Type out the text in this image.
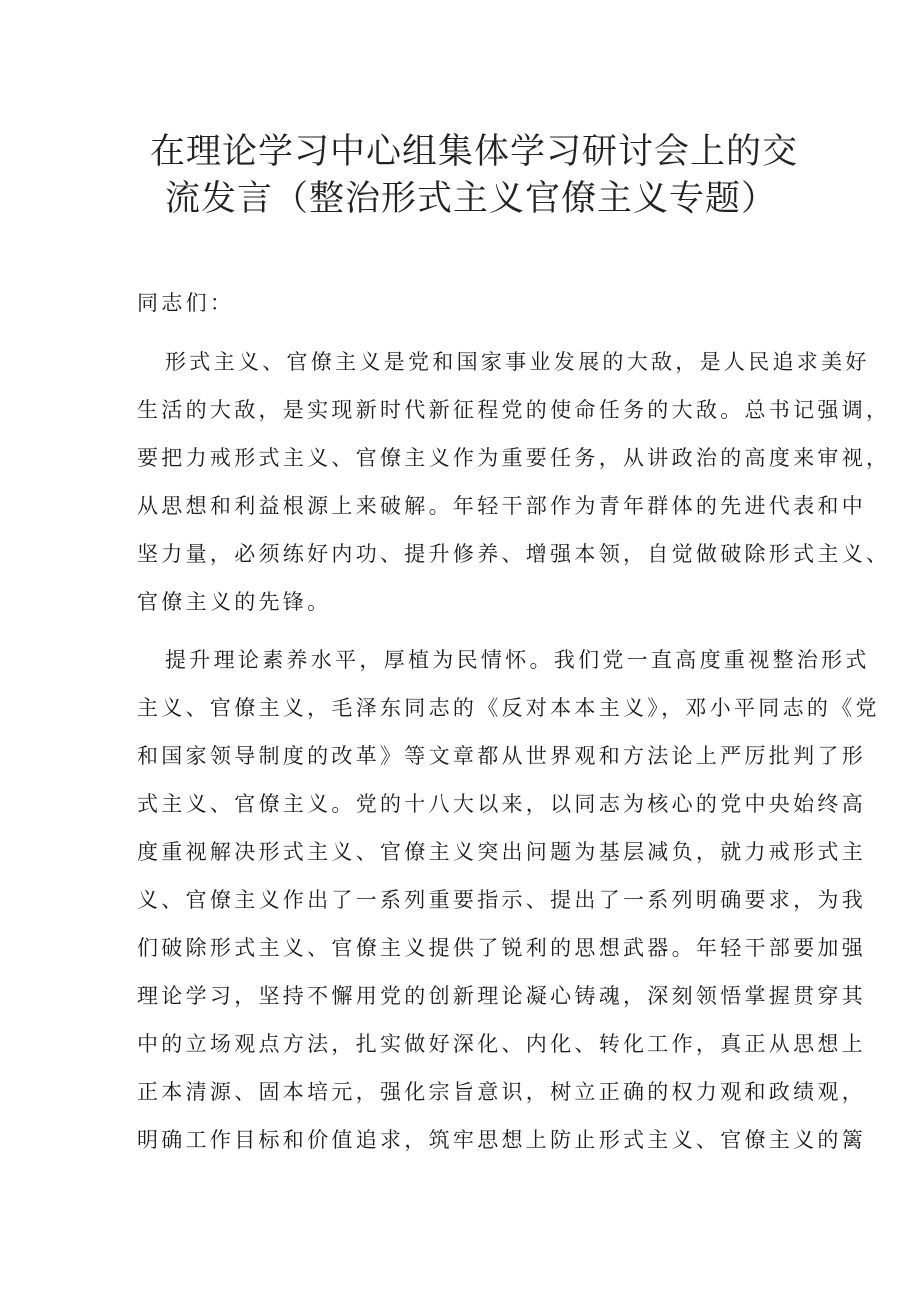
在理论学习中心组集体学习研讨会上的交
流发言（整治形式主义官僚主义专题）
同志们：
形式主义、官僚主义是党和国家事业发展的大敌，是人民追求美好
生活的大敌，是实现新时代新征程党的使命任务的大敌。总书记强调，
要把力戒形式主义、官僚主义作为重要任务，从讲政治的高度来审视，
从思想和利益根源上来破解。年轻干部作为青年群体的先进代表和中
坚力量，必须练好内功、提升修养、增强本领，自觉做破除形式主义、
官僚主义的先锋。
提升理论素养水平，厚植为民情怀。我们党一直高度重视整治形式
主义、官僚主义，毛泽东同志的《反对本本主义》，邓小平同志的《党
和国家领导制度的改革》等文章都从世界观和方法论上严厉批判了形
式主义、官僚主义。党的十八大以来，以同志为核心的党中央始终高
度重视解决形式主义、官僚主义突出问题为基层减负，就力戒形式主
义、官僚主义作出了一系列重要指示、提出了一系列明确要求，为我
们破除形式主义、官僚主义提供了锐利的思想武器。年轻干部要加强
理论学习，坚持不懈用党的创新理论凝心铸魂，深刻领悟掌握贯穿其
中的立场观点方法，扎实做好深化、内化、转化工作，真正从思想上
正本清源、固本培元，强化宗旨意识，树立正确的权力观和政绩观，
明确工作目标和价值追求，筑牢思想上防止形式主义、官僚主义的篱
